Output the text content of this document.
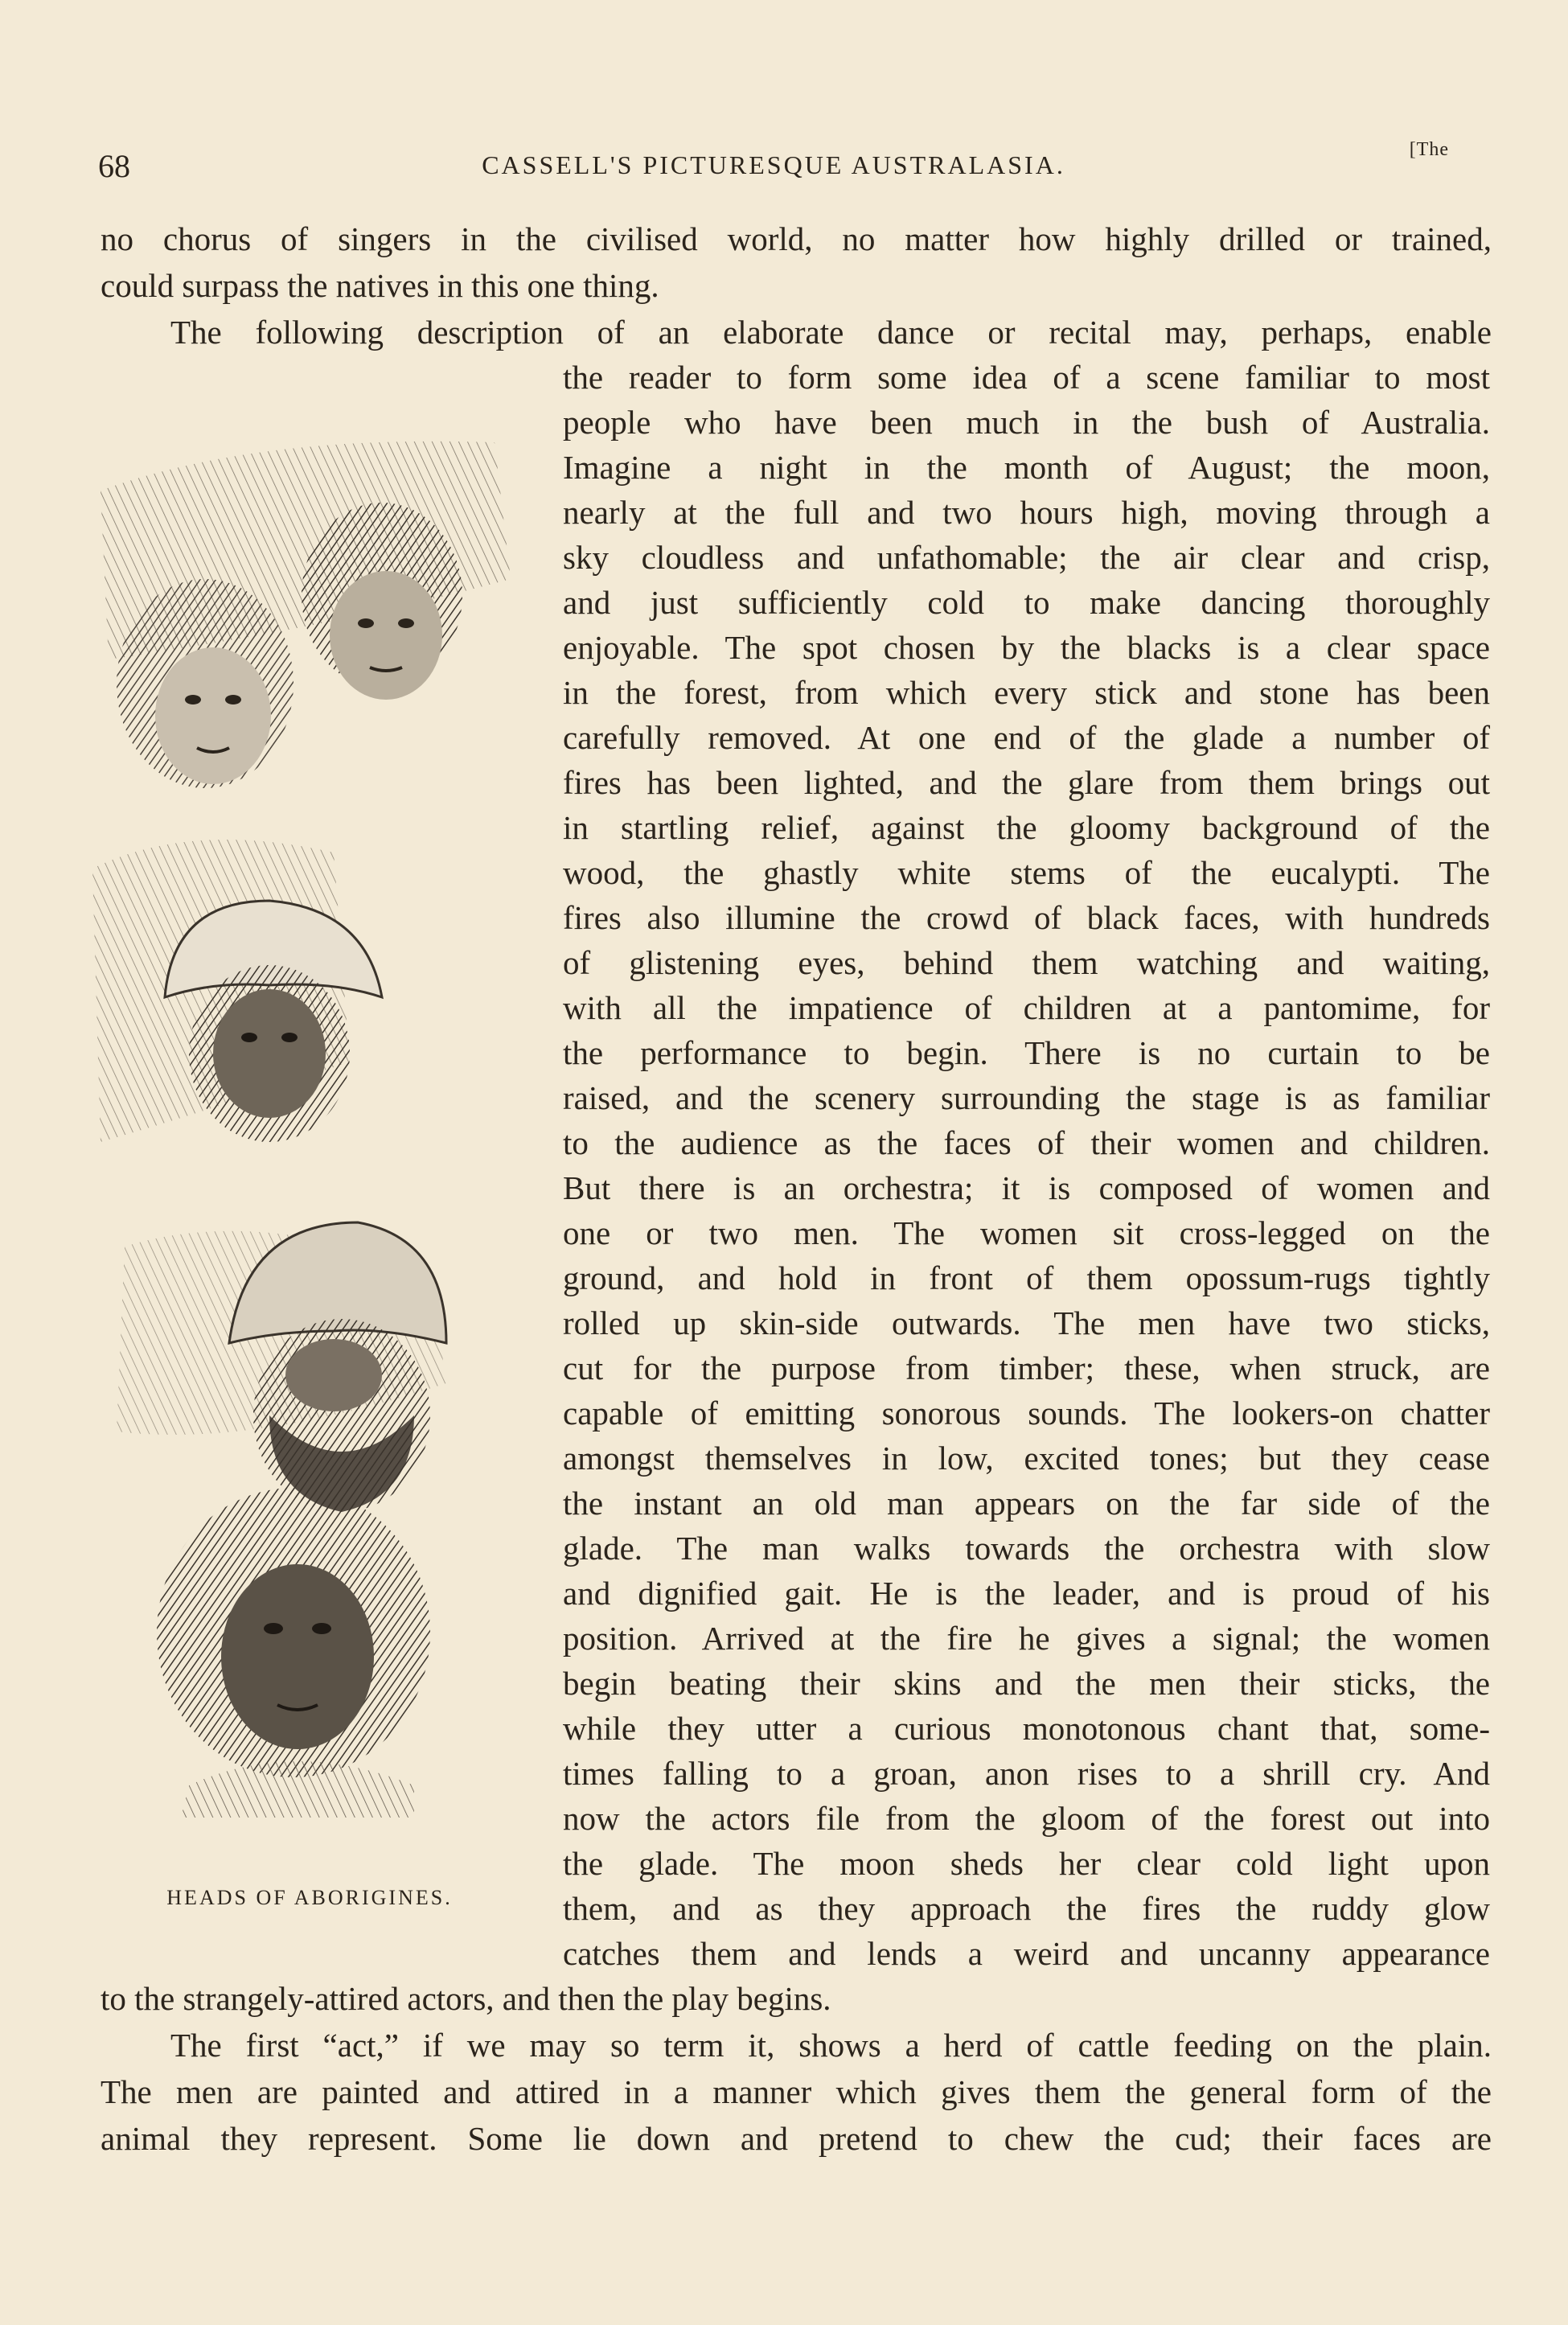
68	CASSELL'S PICTURESQUE AUSTRALASIA.
[The
no chorus of singers in the civilised world, no matter how highly drilled or trained,
could surpass the natives in this one thing.
The following description of an elaborate dance or recital may, perhaps, enable
the reader to form some idea of a scene familiar to most
people who have been much in the bush of Australia.
Imagine a night in the month of August; the moon,
nearly at the full and two hours high, moving through a
sky cloudless and unfathomable; the air clear and crisp,
and just sufficiently cold to make dancing thoroughly
enjoyable. The spot chosen by the blacks is a clear space
in the forest, from which every stick and stone has been
carefully removed. At one end of the glade a number of
fires has been lighted, and the glare from them brings out
in startling relief, against the gloomy background of the
wood, the ghastly white stems of the eucalypti. The
fires also illumine the crowd of black faces, with hundreds
of glistening eyes, behind them watching and waiting,
with all the impatience of children at a pantomime, for
the performance to begin. There is no curtain to be
raised, and the scenery surrounding the stage is as familiar
to the audience as the faces of their women and children.
But there is an orchestra; it is composed of women and
one or two men. The women sit cross-legged on the
ground, and hold in front of them opossum-rugs tightly
rolled up skin-side outwards. The men have two sticks,
cut for the purpose from timber; these, when struck, are
capable of emitting sonorous sounds. The lookers-on chatter
amongst themselves in low, excited tones; but they cease
the instant an old man appears on the far side of the
glade. The man walks towards the orchestra with slow
and dignified gait. He is the leader, and is proud of his
position. Arrived at the fire he gives a signal; the women
begin beating their skins and the men their sticks, the
while they utter a curious monotonous chant that, some-
times falling to a groan, anon rises to a shrill cry. And
now the actors file from the gloom of the forest out into
the glade. The moon sheds her clear cold light upon
them, and as they approach the fires the ruddy glow
catches them and lends a weird and uncanny appearance
to the strangely-attired actors, and then the play begins.
The first “act,” if we may so term it, shows a herd of cattle feeding on the plain.
The men are painted and attired in a manner which gives them the general form of the
animal they represent. Some lie down and pretend to chew the cud; their faces are
HEADS OF ABORIGINES.
